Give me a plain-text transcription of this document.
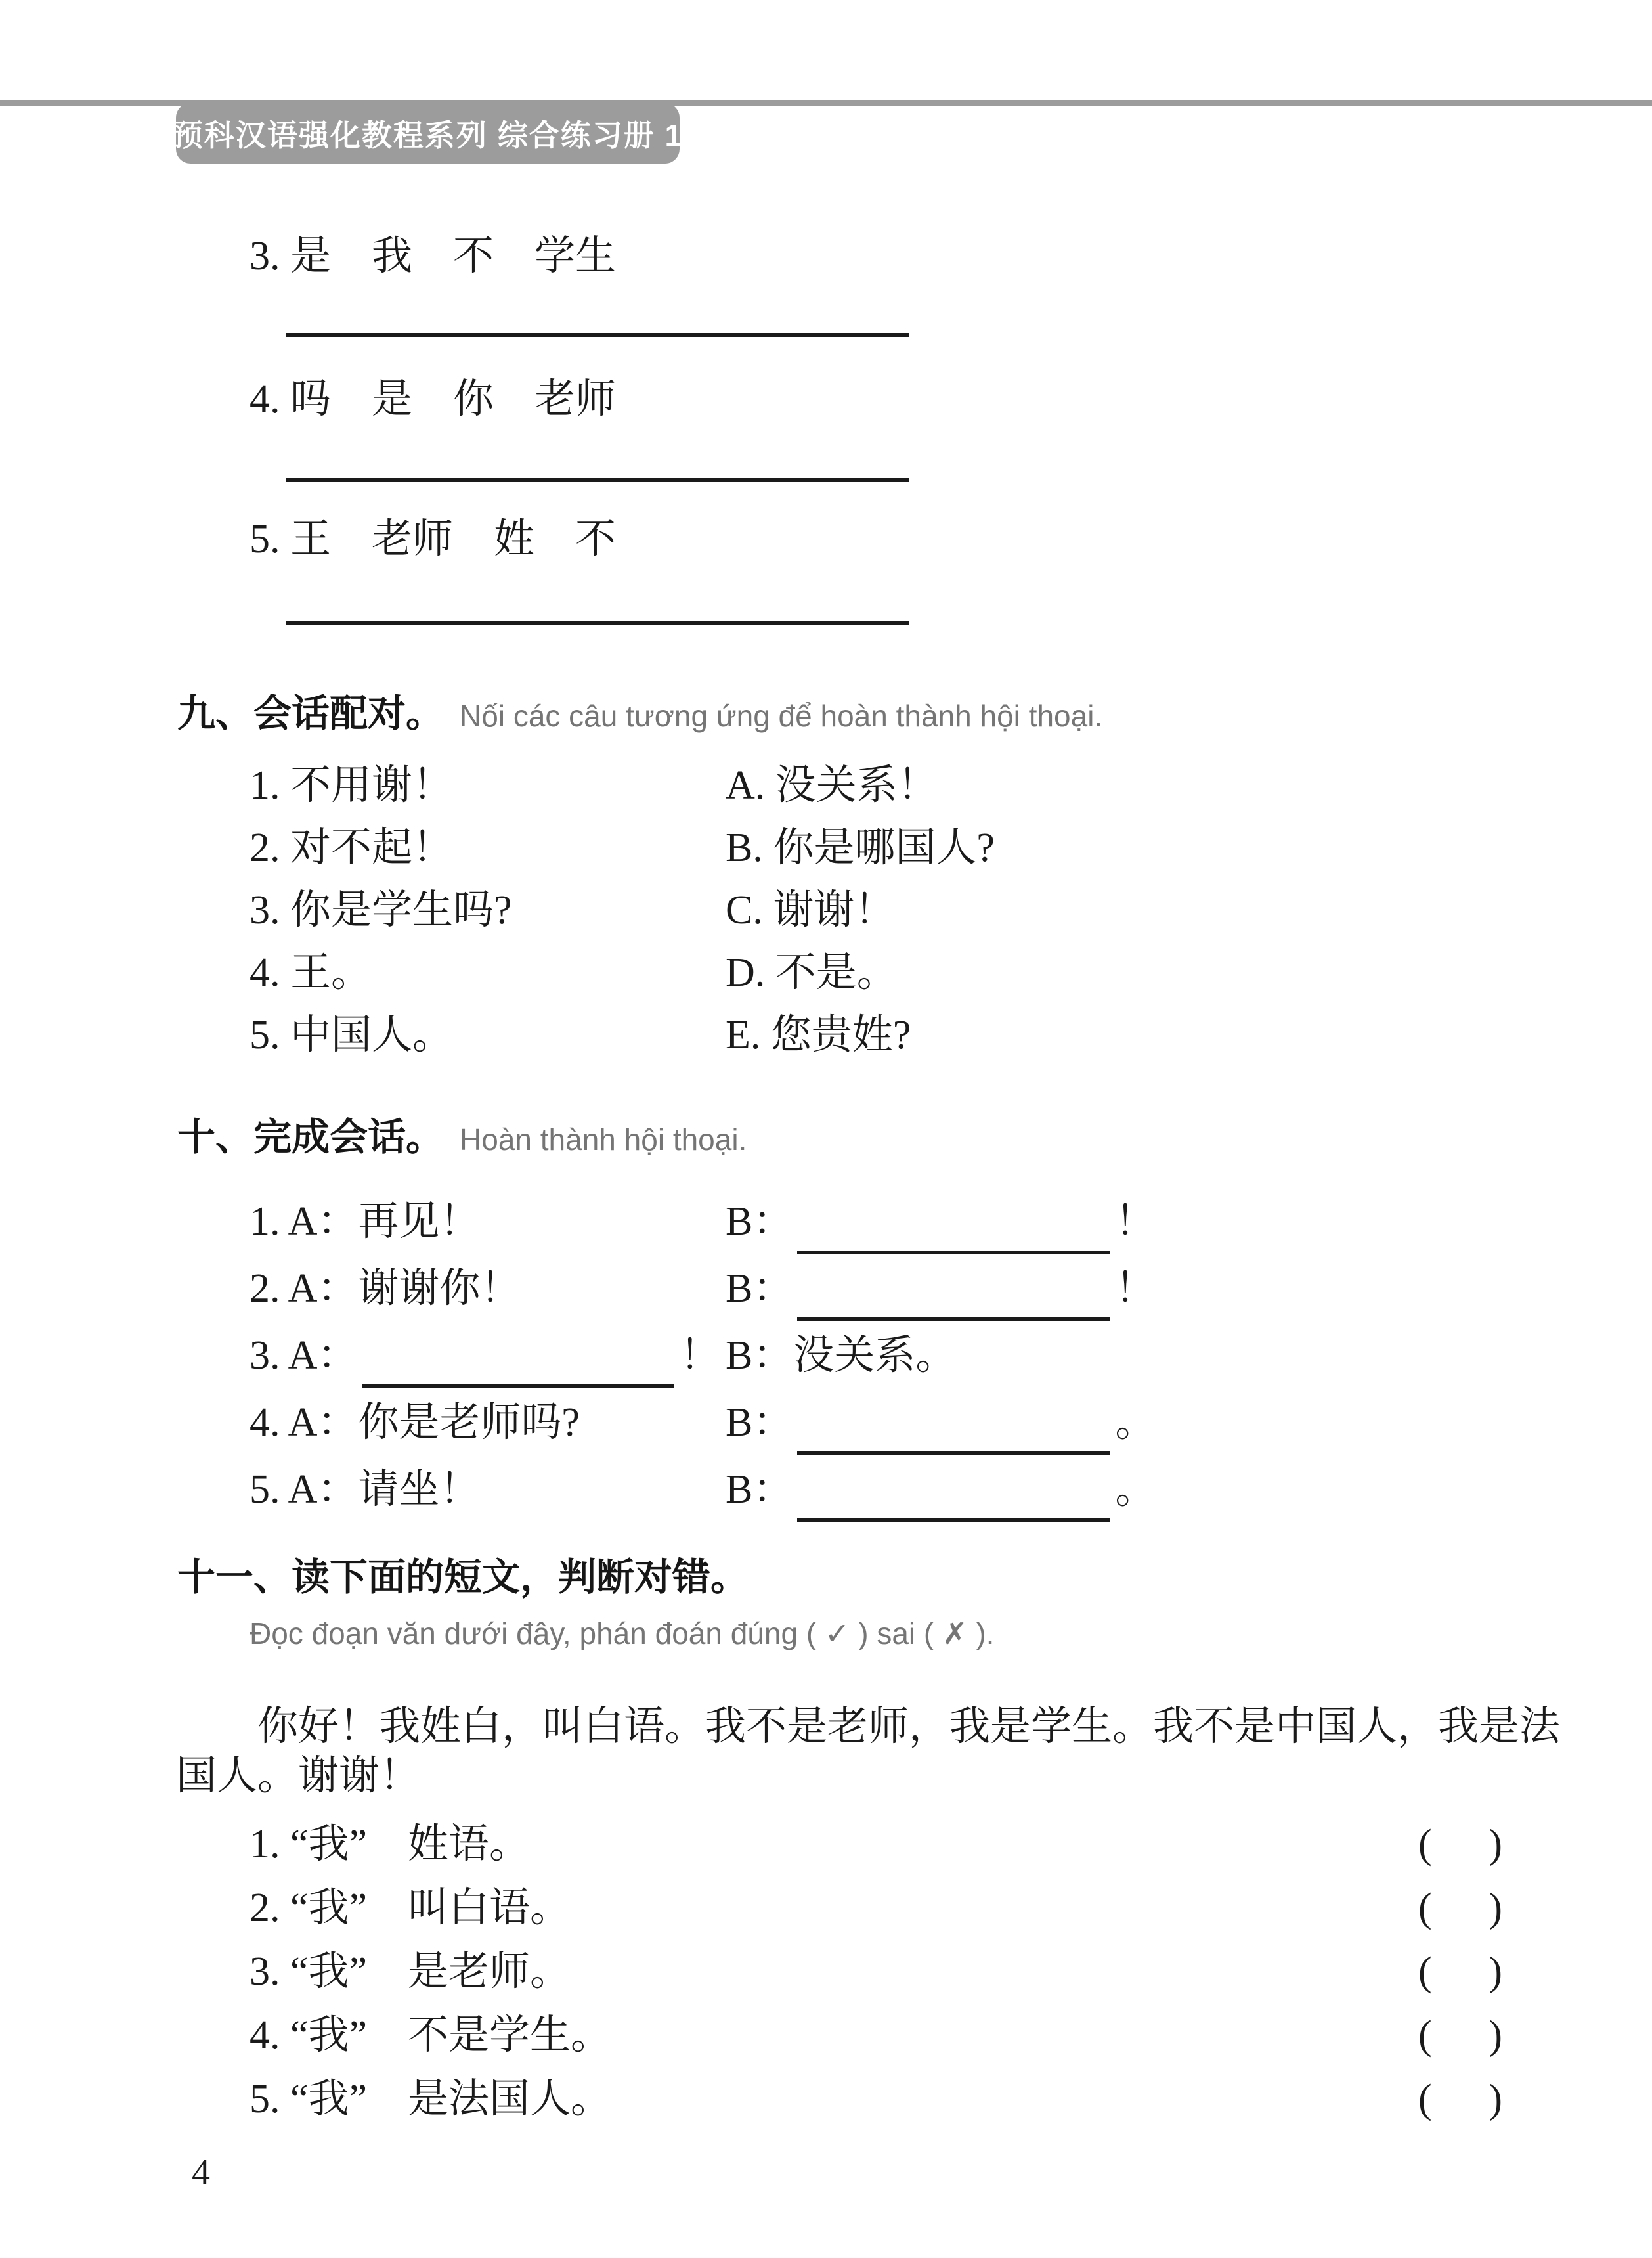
预科汉语强化教程系列 综合练习册 1
3. 是　我　不　学生
4. 吗　是　你　老师
5. 王　老师　姓　不
九、会话配对。 Nối các câu tương ứng để hoàn thành hội thoại.
1. 不用谢！	A. 没关系！
2. 对不起！	B. 你是哪国人?
3. 你是学生吗?	C. 谢谢！
4. 王。	D. 不是。
5. 中国人。	E. 您贵姓?
十、完成会话。 Hoàn thành hội thoại.
1. A：再见！	B：	！
2. A：谢谢你！	B：	！
3. A：	！ B：没关系。
4. A：你是老师吗?	B：	。
5. A：请坐！	B：	。
十一、读下面的短文，判断对错。
Đọc đoạn văn dưới đây, phán đoán đúng ( ✓ ) sai ( ✗ ).
你好！我姓白，叫白语。我不是老师，我是学生。我不是中国人，我是法
国人。谢谢！
1. “我”　姓语。	( )
2. “我”　叫白语。	( )
3. “我”　是老师。	( )
4. “我”　不是学生。	( )
5. “我”　是法国人。	( )
4
